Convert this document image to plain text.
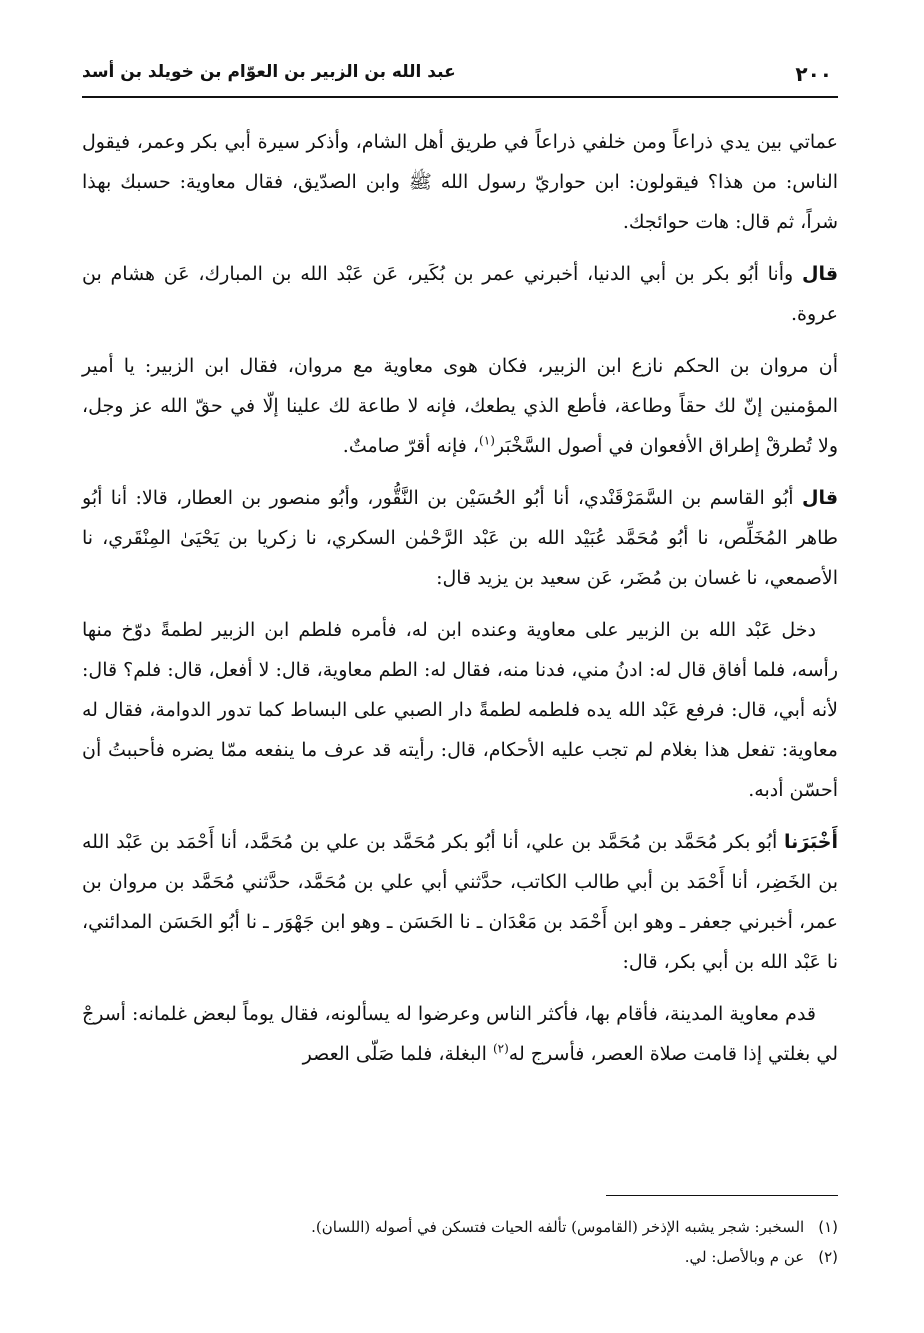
٢٠٠
عبد الله بن الزبير بن العوّام بن خويلد بن أسد

عماتي بين يدي ذراعاً ومن خلفي ذراعاً في طريق أهل الشام، وأذكر سيرة أبي بكر وعمر، فيقول الناس: من هذا؟ فيقولون: ابن حواريّ رسول الله ﷺ وابن الصدّيق، فقال معاوية: حسبك بهذا شراً، ثم قال: هات حوائجك.

قال وأنا أبُو بكر بن أبي الدنيا، أخبرني عمر بن بُكَير، عَن عَبْد الله بن المبارك، عَن هشام بن عروة.

أن مروان بن الحكم نازع ابن الزبير، فكان هوى معاوية مع مروان، فقال ابن الزبير: يا أمير المؤمنين إنّ لك حقاً وطاعة، فأطع الذي يطعك، فإنه لا طاعة لك علينا إلّا في حقّ الله عز وجل، ولا تُطرقْ إطراق الأفعوان في أصول السَّخْبَر$^{(١)}$، فإنه أقرّ صامتٌ.

قال أبُو القاسم بن السَّمَرْقَنْدي، أنا أبُو الحُسَيْن بن النَّقُّور، وأبُو منصور بن العطار، قالا: أنا أبُو طاهر المُخَلِّص، نا أبُو مُحَمَّد عُبَيْد الله بن عَبْد الرَّحْمٰن السكري، نا زكريا بن يَحْيَىٰ المِنْقَري، نا الأصمعي، نا غسان بن مُضَر، عَن سعيد بن يزيد قال:

دخل عَبْد الله بن الزبير على معاوية وعنده ابن له، فأمره فلطم ابن الزبير لطمةً دوّخ منها رأسه، فلما أفاق قال له: ادنُ مني، فدنا منه، فقال له: الطم معاوية، قال: لا أفعل، قال: فلم؟ قال: لأنه أبي، قال: فرفع عَبْد الله يده فلطمه لطمةً دار الصبي على البساط كما تدور الدوامة، فقال له معاوية: تفعل هذا بغلام لم تجب عليه الأحكام، قال: رأيته قد عرف ما ينفعه ممّا يضره فأحببتُ أن أحسّن أدبه.

أَخْبَرَنا أبُو بكر مُحَمَّد بن مُحَمَّد بن علي، أنا أبُو بكر مُحَمَّد بن علي بن مُحَمَّد، أنا أَحْمَد بن عَبْد الله بن الخَضِر، أنا أَحْمَد بن أبي طالب الكاتب، حدَّثني أبي علي بن مُحَمَّد، حدَّثني مُحَمَّد بن مروان بن عمر، أخبرني جعفر ـ وهو ابن أَحْمَد بن مَعْدَان ـ نا الحَسَن ـ وهو ابن جَهْوَر ـ نا أبُو الحَسَن المدائني، نا عَبْد الله بن أبي بكر، قال:

قدم معاوية المدينة، فأقام بها، فأكثر الناس وعرضوا له يسألونه، فقال يوماً لبعض غلمانه: أسرجْ لي بغلتي إذا قامت صلاة العصر، فأسرج له$^{(٢)}$ البغلة، فلما صَلّى العصر

(١)السخبر: شجر يشبه الإذخر (القاموس) تألفه الحيات فتسكن في أصوله (اللسان).
(٢)عن م وبالأصل: لي.
